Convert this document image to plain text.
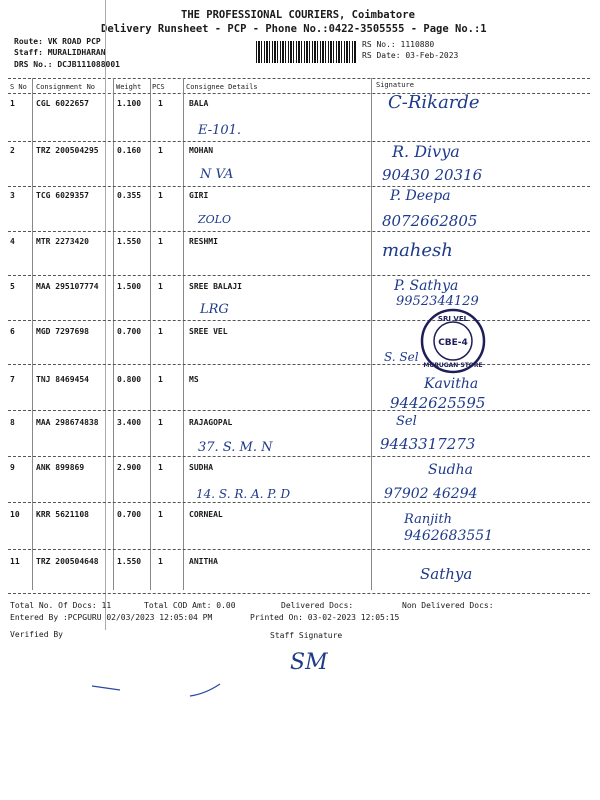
THE PROFESSIONAL COURIERS, Coimbatore
Delivery Runsheet - PCP - Phone No.:0422-3505555 - Page No.:1
Route: VK ROAD PCP
Staff: MURALIDHARAN
DRS No.: DCJB111088001
RS No.: 1110880
RS Date: 03-Feb-2023
S No Consignment No	Weight PCS	Consignee Details	Signature
1	CGL 6022657	1.100 1	BALA
E-101.
C-Rikarde
2	TRZ 200504295 0.160 1	MOHAN
N VA
R. Divya
90430 20316
3	TCG 6029357	0.355 1	GIRI
ZOLO
P. Deepa
8072662805
4	MTR 2273420	1.550 1	RESHMI	mahesh
5	MAA 295107774 1.500 1	SREE BALAJI
LRG
P. Sathya
9952344129
6	MGD 7297698	0.700 1	SREE VEL
S. Sel
7	TNJ 8469454	0.800 1	MS	Kavitha
9442625595
8	MAA 298674838 3.400 1	RAJAGOPAL
37. S. M. N
Sel
9443317273
9	ANK 899869	2.900 1	SUDHA
14. S. R. A. P. D
Sudha
97902 46294
10 KRR 5621108	0.700 1	CORNEAL	Ranjith
9462683551
11 TRZ 200504648 1.550 1	ANITHA
Sathya
SRI VEL
CBE-4
MURUGAN STORE
Total No. Of Docs: 11	Total COD Amt: 0.00	Delivered Docs:	Non Delivered Docs:
Entered By :PCPGURU 02/03/2023 12:05:04 PM	Printed On: 03-02-2023 12:05:15
Verified By	Staff Signature
SM
